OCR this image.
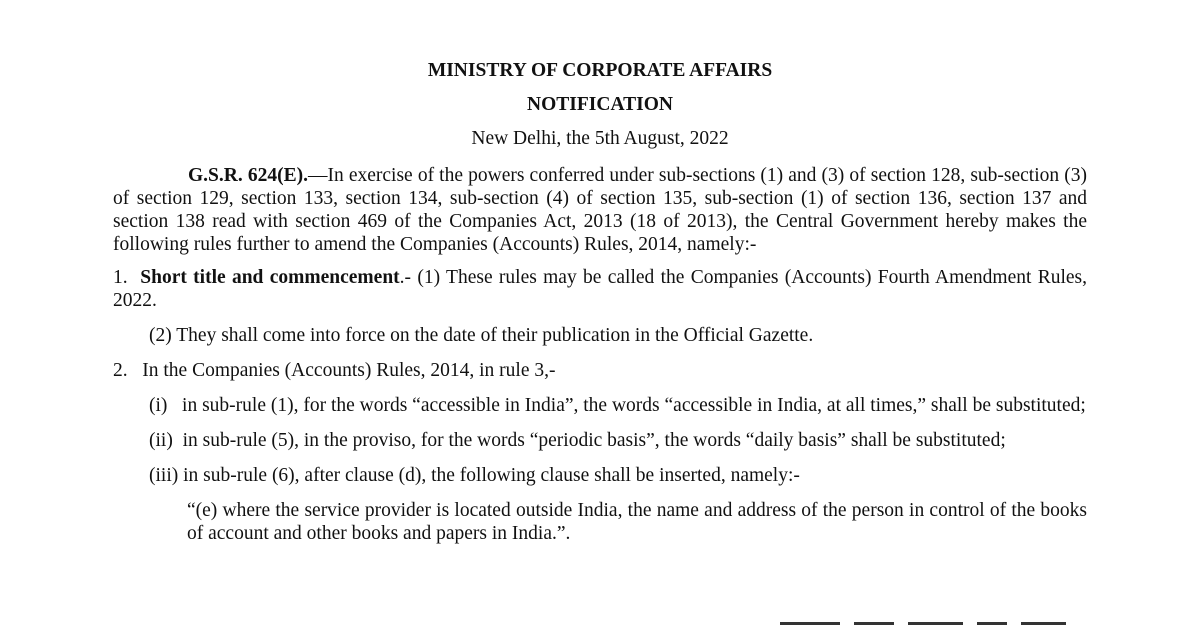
MINISTRY OF CORPORATE AFFAIRS
NOTIFICATION
New Delhi, the 5th August, 2022

G.S.R. 624(E).—In exercise of the powers conferred under sub-sections (1) and (3) of section 128, sub-section (3) of section 129, section 133, section 134, sub-section (4) of section 135, sub-section (1) of section 136, section 137 and section 138 read with section 469 of the Companies Act, 2013 (18 of 2013), the Central Government hereby makes the following rules further to amend the Companies (Accounts) Rules, 2014, namely:-

1. Short title and commencement.- (1) These rules may be called the Companies (Accounts) Fourth Amendment Rules, 2022.

(2) They shall come into force on the date of their publication in the Official Gazette.

2. In the Companies (Accounts) Rules, 2014, in rule 3,-

(i) in sub-rule (1), for the words “accessible in India”, the words “accessible in India, at all times,” shall be substituted;

(ii) in sub-rule (5), in the proviso, for the words “periodic basis”, the words “daily basis” shall be substituted;

(iii) in sub-rule (6), after clause (d), the following clause shall be inserted, namely:-

“(e) where the service provider is located outside India, the name and address of the person in control of the books of account and other books and papers in India.”.
